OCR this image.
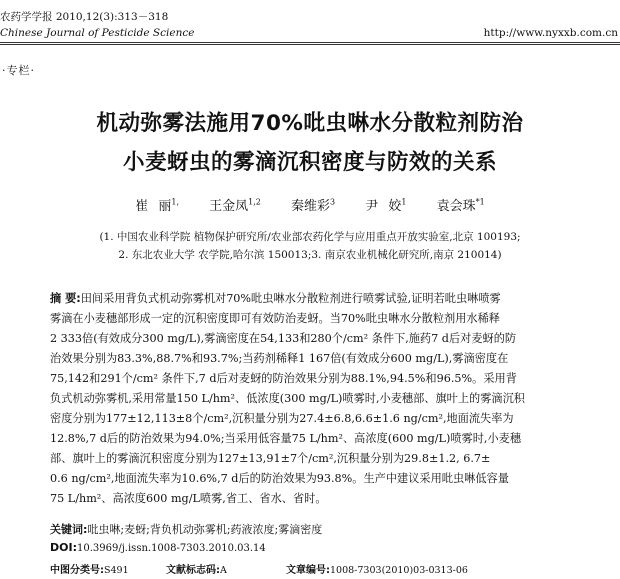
农药学学报 2010,12(3):313－318
Chinese Journal of Pesticide Science	http://www.nyxxb.com.cn
·专栏·
机动弥雾法施用70%吡虫啉水分散粒剂防治
小麦蚜虫的雾滴沉积密度与防效的关系
崔 丽$^{1,}$ 王金凤$^{1,2}$ 秦维彩$^3$ 尹 姣$^1$ 袁会珠$^{*1}$
(1. 中国农业科学院 植物保护研究所/农业部农药化学与应用重点开放实验室,北京 100193;
2. 东北农业大学 农学院,哈尔滨 150013;3. 南京农业机械化研究所,南京 210014)
摘 要:田间采用背负式机动弥雾机对70%吡虫啉水分散粒剂进行喷雾试验,证明若吡虫啉喷雾
雾滴在小麦穗部形成一定的沉积密度即可有效防治麦蚜。当70%吡虫啉水分散粒剂用水稀释
2 333倍(有效成分300 mg/L),雾滴密度在54,133和280个/cm² 条件下,施药7 d后对麦蚜的防
治效果分别为83.3%,88.7%和93.7%;当药剂稀释1 167倍(有效成分600 mg/L),雾滴密度在
75,142和291个/cm² 条件下,7 d后对麦蚜的防治效果分别为88.1%,94.5%和96.5%。采用背
负式机动弥雾机,采用常量150 L/hm²、低浓度(300 mg/L)喷雾时,小麦穗部、旗叶上的雾滴沉积
密度分别为177±12,113±8个/cm²,沉积量分别为27.4±6.8,6.6±1.6 ng/cm²,地面流失率为
12.8%,7 d后的防治效果为94.0%;当采用低容量75 L/hm²、高浓度(600 mg/L)喷雾时,小麦穗
部、旗叶上的雾滴沉积密度分别为127±13,91±7个/cm²,沉积量分别为29.8±1.2, 6.7±
0.6 ng/cm²,地面流失率为10.6%,7 d后的防治效果为93.8%。生产中建议采用吡虫啉低容量
75 L/hm²、高浓度600 mg/L喷雾,省工、省水、省时。
关键词:吡虫啉;麦蚜;背负机动弥雾机;药液浓度;雾滴密度
DOI:10.3969/j.issn.1008-7303.2010.03.14
中图分类号:S491	文献标志码:A	文章编号:1008-7303(2010)03-0313-06
